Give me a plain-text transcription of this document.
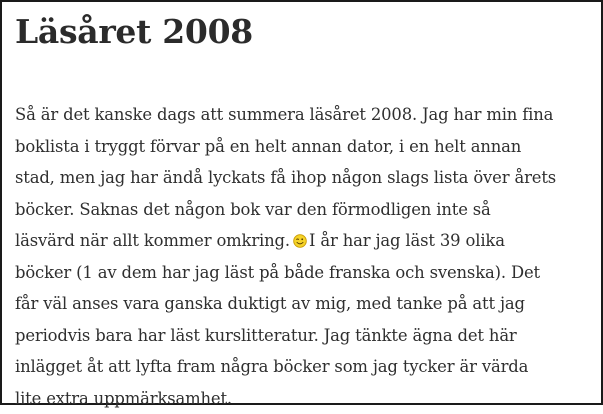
Läsåret 2008
Så är det kanske dags att summera läsåret 2008. Jag har min fina
boklista i tryggt förvar på en helt annan dator, i en helt annan
stad, men jag har ändå lyckats få ihop någon slags lista över årets
böcker. Saknas det någon bok var den förmodligen inte så
läsvärd när allt kommer omkring. I år har jag läst 39 olika
böcker (1 av dem har jag läst på både franska och svenska). Det
får väl anses vara ganska duktigt av mig, med tanke på att jag
periodvis bara har läst kurslitteratur. Jag tänkte ägna det här
inlägget åt att lyfta fram några böcker som jag tycker är värda
lite extra uppmärksamhet.
